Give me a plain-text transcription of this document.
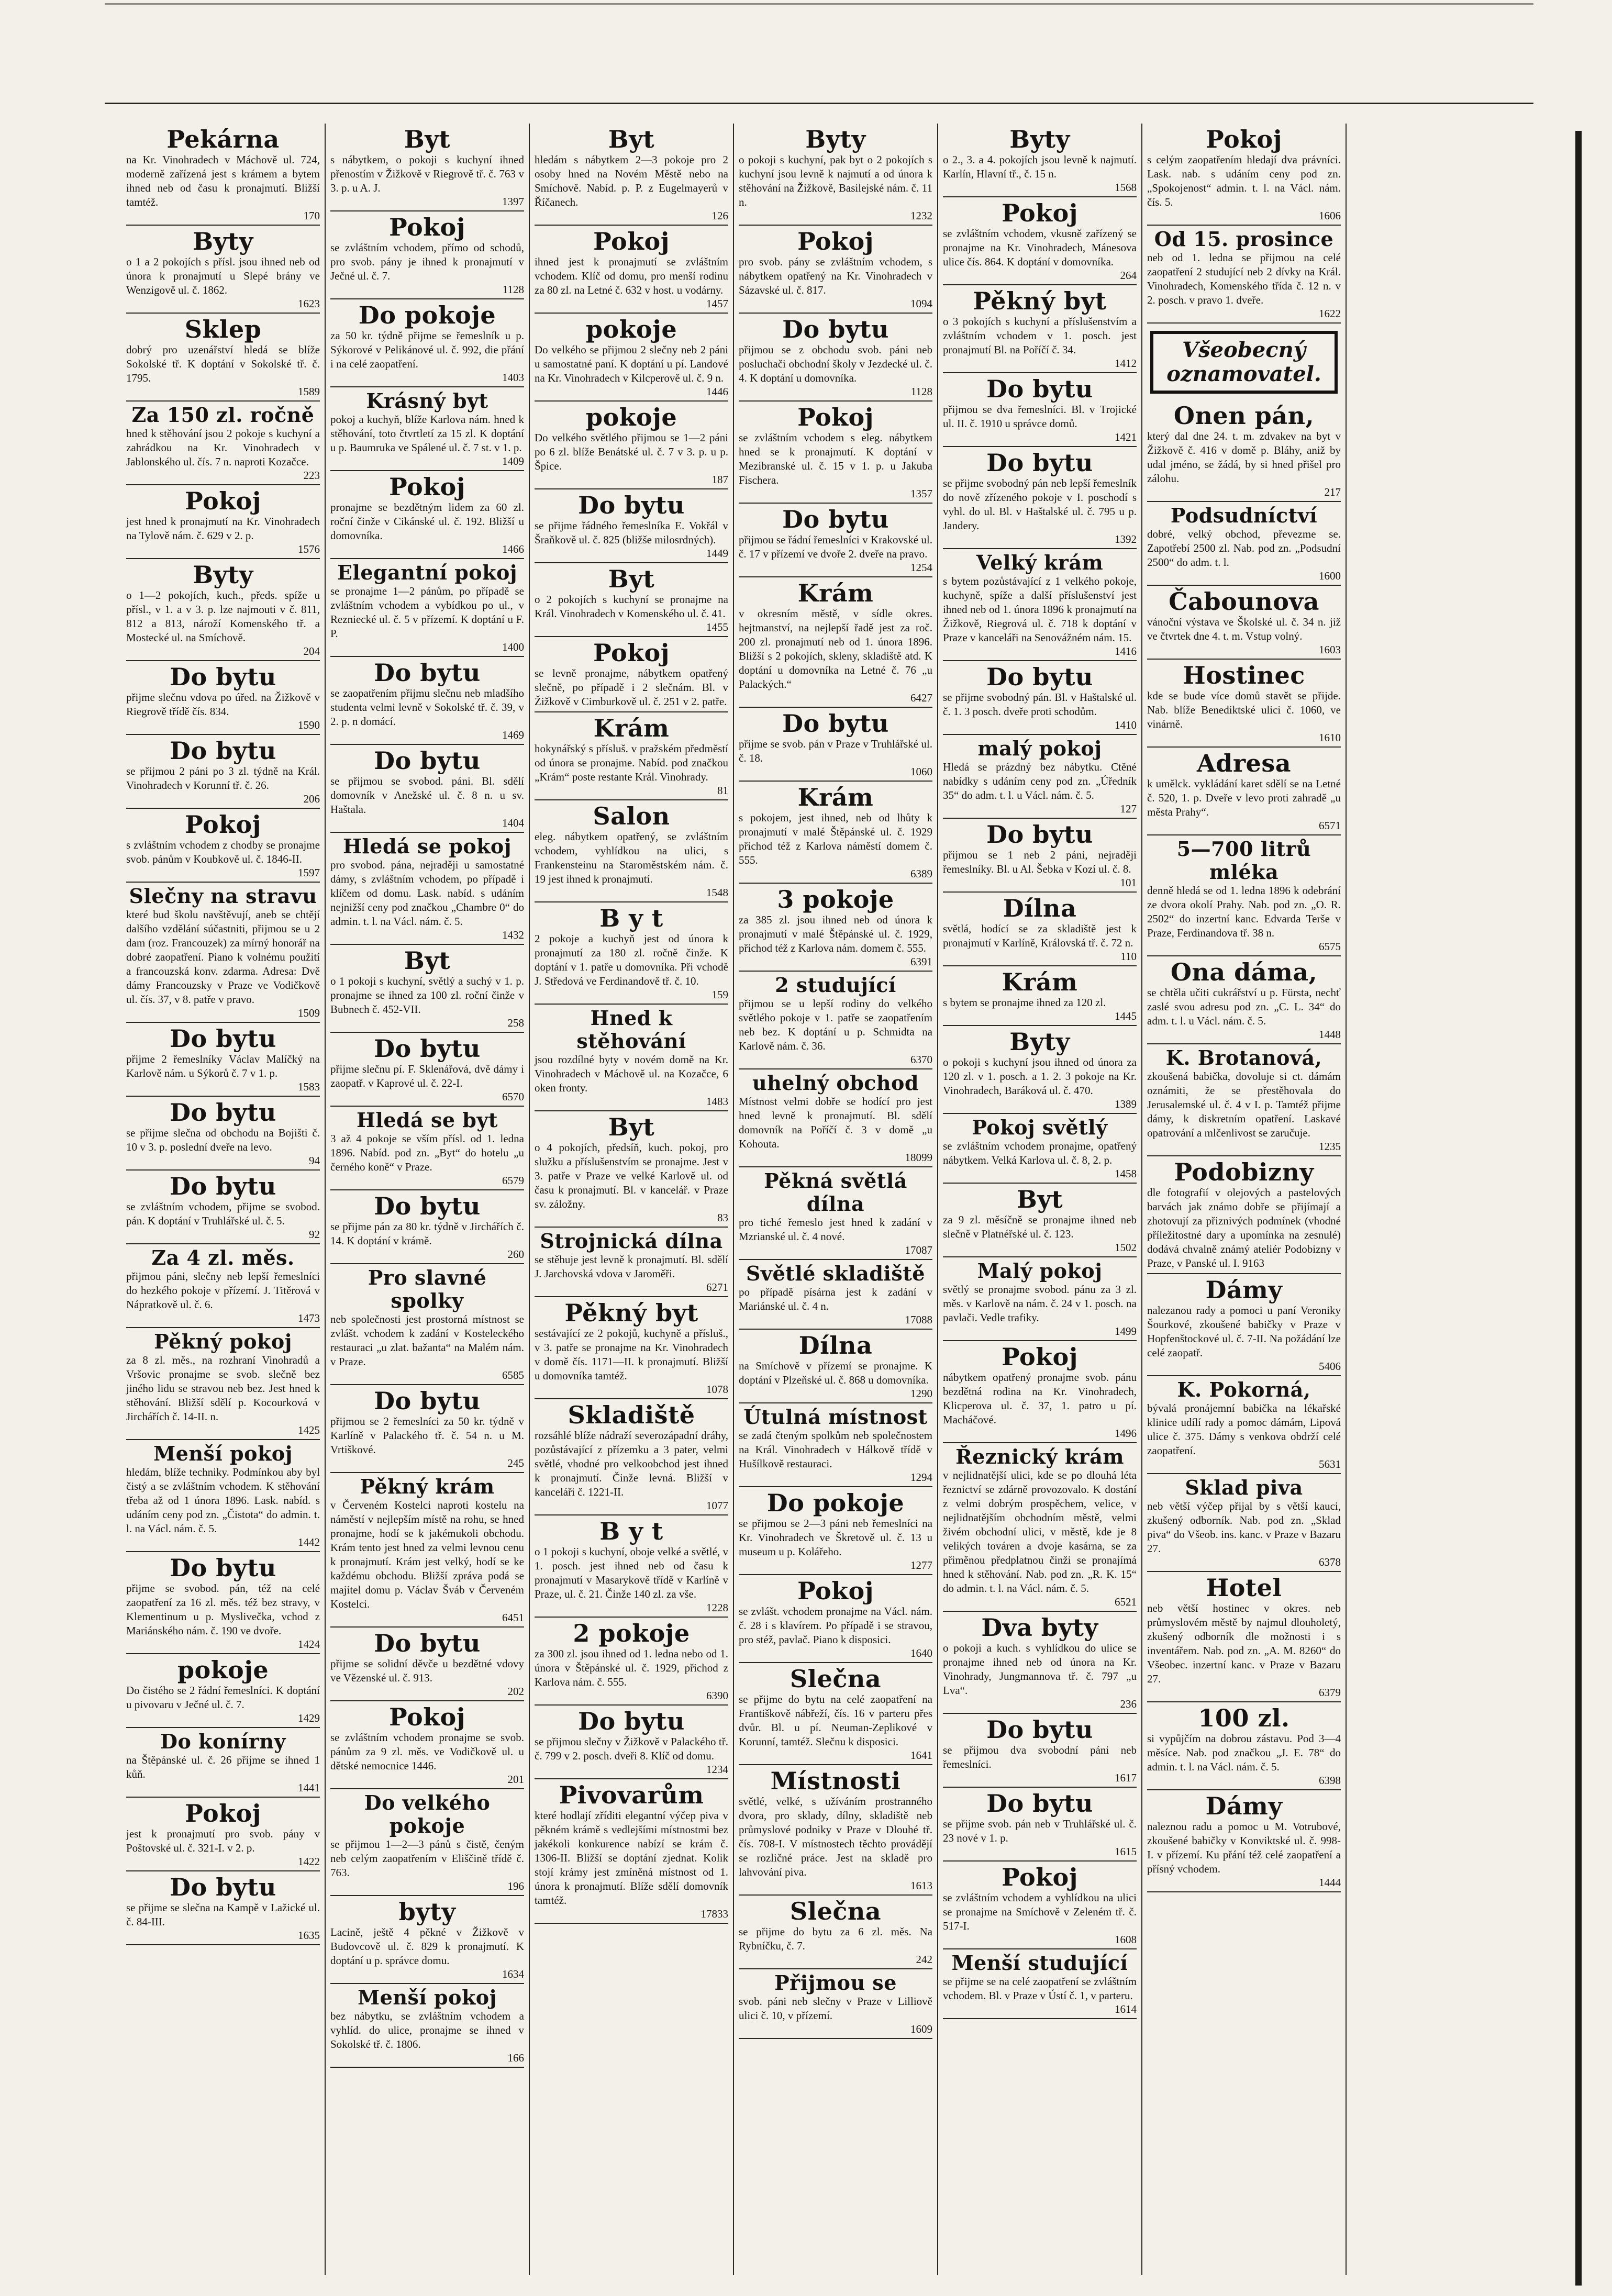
Pekárna
na Kr. Vinohradech v Máchově ul. 724, moderně zařízená jest s krámem a bytem ihned neb od času k pronajmutí. Bližší tamtéž.
170
Byty
o 1 a 2 pokojích s přísl. jsou ihned neb od února k pronajmutí u Slepé brány ve Wenzigově ul. č. 1862.
1623
Sklep
dobrý pro uzenářství hledá se blíže Sokolské tř. K doptání v Sokolské tř. č. 1795.
1589
Za 150 zl. ročně
hned k stěhování jsou 2 pokoje s kuchyní a zahrádkou na Kr. Vinohradech v Jablonského ul. čís. 7 n. naproti Kozačce.
223
Pokoj
jest hned k pronajmutí na Kr. Vinohradech na Tylově nám. č. 629 v 2. p.
1576
Byty
o 1—2 pokojích, kuch., předs. spíže u přísl., v 1. a v 3. p. lze najmouti v č. 811, 812 a 813, nároží Komenského tř. a Mostecké ul. na Smíchově.
204
Do bytu
přijme slečnu vdova po úřed. na Žižkově v Riegrově třídě čís. 834.
1590
Do bytu
se přijmou 2 páni po 3 zl. týdně na Král. Vinohradech v Korunní tř. č. 26.
206
Pokoj
s zvláštním vchodem z chodby se pronajme svob. pánům v Koubkově ul. č. 1846-II.
1597
Slečny na stravu
které bud školu navštěvují, aneb se chtějí dalšího vzdělání súčastniti, přijmou se u 2 dam (roz. Francouzek) za mírný honorář na dobré zaopatření. Piano k volnému použití a francouzská konv. zdarma. Adresa: Dvě dámy Francouzsky v Praze ve Vodičkově ul. čís. 37, v 8. patře v pravo.
1509
Do bytu
přijme 2 řemeslníky Václav Malíčký na Karlově nám. u Sýkorů č. 7 v 1. p.
1583
Do bytu
se přijme slečna od obchodu na Bojišti č. 10 v 3. p. poslední dveře na levo.
94
Do bytu
se zvláštním vchodem, přijme se svobod. pán. K doptání v Truhlářské ul. č. 5.
92
Za 4 zl. měs.
přijmou páni, slečny neb lepší řemeslníci do hezkého pokoje v přízemí. J. Titěrová v Nápratkově ul. č. 6.
1473
Pěkný pokoj
za 8 zl. měs., na rozhraní Vinohradů a Vršovic pronajme se svob. slečně bez jiného lidu se stravou neb bez. Jest hned k stěhování. Bližší sdělí p. Kocourková v Jirchářích č. 14-II. n.
1425
Menší pokoj
hledám, blíže techniky. Podmínkou aby byl čistý a se zvláštním vchodem. K stěhování třeba až od 1 února 1896. Lask. nabíd. s udáním ceny pod zn. „Čistota“ do admin. t. l. na Václ. nám. č. 5.
1442
Do bytu
přijme se svobod. pán, též na celé zaopatření za 16 zl. měs. též bez stravy, v Klementinum u p. Myslivečka, vchod z Mariánského nám. č. 190 ve dvoře.
1424
pokoje
Do čistého se 2 řádní řemeslníci. K doptání u pivovaru v Ječné ul. č. 7.
1429
Do konírny
na Štěpánské ul. č. 26 přijme se ihned 1 kůň.
1441
Pokoj
jest k pronajmutí pro svob. pány v Poštovské ul. č. 321-I. v 2. p.
1422
Do bytu
se přijme se slečna na Kampě v Lažické ul. č. 84-III.
1635
Byt
s nábytkem, o pokoji s kuchyní ihned přenostím v Žižkově v Riegrově tř. č. 763 v 3. p. u A. J.
1397
Pokoj
se zvláštním vchodem, přímo od schodů, pro svob. pány je ihned k pronajmutí v Ječné ul. č. 7.
1128
Do pokoje
za 50 kr. týdně přijme se řemeslník u p. Sýkorové v Pelikánové ul. č. 992, die přání i na celé zaopatření.
1403
Krásný byt
pokoj a kuchyň, blíže Karlova nám. hned k stěhování, toto čtvrtletí za 15 zl. K doptání u p. Baumruka ve Spálené ul. č. 7 st. v 1. p.
1409
Pokoj
pronajme se bezdětným lidem za 60 zl. roční činže v Cikánské ul. č. 192. Bližší u domovníka.
1466
Elegantní pokoj
se pronajme 1—2 pánům, po případě se zvláštním vchodem a vybídkou po ul., v Rezniecké ul. č. 5 v přízemí. K doptání u F. P.
1400
Do bytu
se zaopatřením přijmu slečnu neb mladšího studenta velmi levně v Sokolské tř. č. 39, v 2. p. n domácí.
1469
Do bytu
se přijmou se svobod. páni. Bl. sdělí domovník v Anežské ul. č. 8 n. u sv. Haštala.
1404
Hledá se pokoj
pro svobod. pána, nejraději u samostatné dámy, s zvláštním vchodem, po případě i klíčem od domu. Lask. nabíd. s udáním nejnižší ceny pod značkou „Chambre 0“ do admin. t. l. na Václ. nám. č. 5.
1432
Byt
o 1 pokoji s kuchyní, světlý a suchý v 1. p. pronajme se ihned za 100 zl. roční činže v Bubnech č. 452-VII.
258
Do bytu
přijme slečnu pí. F. Sklenářová, dvě dámy i zaopatř. v Kaprové ul. č. 22-I.
6570
Hledá se byt
3 až 4 pokoje se vším přísl. od 1. ledna 1896. Nabíd. pod zn. „Byt“ do hotelu „u černého koně“ v Praze.
6579
Do bytu
se přijme pán za 80 kr. týdně v Jirchářích č. 14. K doptání v krámě.
260
Pro slavné spolky
neb společnosti jest prostorná místnost se zvlášt. vchodem k zadání v Kosteleckého restauraci „u zlat. bažanta“ na Malém nám. v Praze.
6585
Do bytu
přijmou se 2 řemeslníci za 50 kr. týdně v Karlíně v Palackého tř. č. 54 n. u M. Vrtiškové.
245
Pěkný krám
v Červeném Kostelci naproti kostelu na náměstí v nejlepším místě na rohu, se hned pronajme, hodí se k jakémukoli obchodu. Krám tento jest hned za velmi levnou cenu k pronajmutí. Krám jest velký, hodí se ke každému obchodu. Bližší zpráva podá se majitel domu p. Václav Šváb v Červeném Kostelci.
6451
Do bytu
přijme se solidní děvče u bezdětné vdovy ve Vězenské ul. č. 913.
202
Pokoj
se zvláštním vchodem pronajme se svob. pánům za 9 zl. měs. ve Vodičkově ul. u dětské nemocnice 1446.
201
Do velkého pokoje
se přijmou 1—2—3 pánů s čistě, čeným neb celým zaopatřením v Eliščině třídě č. 763.
196
byty
Lacině, ještě 4 pěkné v Žižkově v Budovcově ul. č. 829 k pronajmutí. K doptání u p. správce domu.
1634
Menší pokoj
bez nábytku, se zvláštním vchodem a vyhlíd. do ulice, pronajme se ihned v Sokolské tř. č. 1806.
166
Byt
hledám s nábytkem 2—3 pokoje pro 2 osoby hned na Novém Městě nebo na Smíchově. Nabíd. p. P. z Eugelmayerů v Říčanech.
126
Pokoj
ihned jest k pronajmutí se zvláštním vchodem. Klíč od domu, pro menší rodinu za 80 zl. na Letné č. 632 v host. u vodárny.
1457
pokoje
Do velkého se přijmou 2 slečny neb 2 páni u samostatné paní. K doptání u pí. Landové na Kr. Vinohradech v Kilcperově ul. č. 9 n.
1446
pokoje
Do velkého světlého přijmou se 1—2 páni po 6 zl. blíže Benátské ul. č. 7 v 3. p. u p. Špice.
187
Do bytu
se přijme řádného řemeslníka E. Vokřál v Šraňkově ul. č. 825 (bližše milosrdných).
1449
Byt
o 2 pokojích s kuchyní se pronajme na Král. Vinohradech v Komenského ul. č. 41.
1455
Pokoj
se levně pronajme, nábytkem opatřený slečně, po případě i 2 slečnám. Bl. v Žižkově v Cimburkově ul. č. 251 v 2. patře.
Krám
hokynářský s přísluš. v pražském předměstí od února se pronajme. Nabíd. pod značkou „Krám“ poste restante Král. Vinohrady.
81
Salon
eleg. nábytkem opatřený, se zvláštním vchodem, vyhlídkou na ulici, s Frankensteinu na Staroměstském nám. č. 19 jest ihned k pronajmutí.
1548
B y t
2 pokoje a kuchyň jest od února k pronajmutí za 180 zl. ročně činže. K doptání v 1. patře u domovníka. Při vchodě J. Středová ve Ferdinandově tř. č. 10.
159
Hned k stěhování
jsou rozdílné byty v novém domě na Kr. Vinohradech v Máchově ul. na Kozačce, 6 oken fronty.
1483
Byt
o 4 pokojích, předsíň, kuch. pokoj, pro služku a příslušenstvím se pronajme. Jest v 3. patře v Praze ve velké Karlově ul. od času k pronajmutí. Bl. v kancelář. v Praze sv. záložny.
83
Strojnická dílna
se stěhuje jest levně k pronajmutí. Bl. sdělí J. Jarchovská vdova v Jaroměři.
6271
Pěkný byt
sestávající ze 2 pokojů, kuchyně a přísluš., v 3. patře se pronajme na Kr. Vinohradech v domě čís. 1171—II. k pronajmutí. Bližší u domovníka tamtéž.
1078
Skladiště
rozsáhlé blíže nádraží severozápadní dráhy, pozůstávající z přízemku a 3 pater, velmi světlé, vhodné pro velkoobchod jest ihned k pronajmutí. Činže levná. Bližší v kanceláři č. 1221-II.
1077
B y t
o 1 pokoji s kuchyní, oboje velké a světlé, v 1. posch. jest ihned neb od času k pronajmutí v Masarykově třídě v Karlíně v Praze, ul. č. 21. Činže 140 zl. za vše.
1228
2 pokoje
za 300 zl. jsou ihned od 1. ledna nebo od 1. února v Štěpánské ul. č. 1929, přichod z Karlova nám. č. 555.
6390
Do bytu
se přijmou slečny v Žižkově v Palackého tř. č. 799 v 2. posch. dveři 8. Klíč od domu.
1234
Pivovarům
které hodlají zříditi elegantní výčep piva v pěkném krámě s vedlejšími místnostmi bez jakékoli konkurence nabízí se krám č. 1306-II. Bližší se doptání zjednat. Kolik stojí krámy jest zmíněná místnost od 1. února k pronajmutí. Blíže sdělí domovník tamtéž.
17833
Byty
o pokoji s kuchyní, pak byt o 2 pokojích s kuchyní jsou levně k najmutí a od února k stěhování na Žižkově, Basilejské nám. č. 11 n.
1232
Pokoj
pro svob. pány se zvláštním vchodem, s nábytkem opatřený na Kr. Vinohradech v Sázavské ul. č. 817.
1094
Do bytu
přijmou se z obchodu svob. páni neb posluchači obchodní školy v Jezdecké ul. č. 4. K doptání u domovníka.
1128
Pokoj
se zvláštním vchodem s eleg. nábytkem hned se k pronajmutí. K doptání v Mezibranské ul. č. 15 v 1. p. u Jakuba Fischera.
1357
Do bytu
přijmou se řádní řemeslníci v Krakovské ul. č. 17 v přízemí ve dvoře 2. dveře na pravo.
1254
Krám
v okresním městě, v sídle okres. hejtmanství, na nejlepší řadě jest za roč. 200 zl. pronajmutí neb od 1. února 1896. Bližší s 2 pokojích, skleny, skladiště atd. K doptání u domovníka na Letné č. 76 „u Palackých.“
6427
Do bytu
přijme se svob. pán v Praze v Truhlářské ul. č. 18.
1060
Krám
s pokojem, jest ihned, neb od lhůty k pronajmutí v malé Štěpánské ul. č. 1929 přichod též z Karlova náměstí domem č. 555.
6389
3 pokoje
za 385 zl. jsou ihned neb od února k pronajmutí v malé Štěpánské ul. č. 1929, přichod též z Karlova nám. domem č. 555.
6391
2 studující
přijmou se u lepší rodiny do velkého světlého pokoje v 1. patře se zaopatřením neb bez. K doptání u p. Schmidta na Karlově nám. č. 36.
6370
uhelný obchod
Místnost velmi dobře se hodící pro jest hned levně k pronajmutí. Bl. sdělí domovník na Poříčí č. 3 v domě „u Kohouta.
18099
Pěkná světlá dílna
pro tiché řemeslo jest hned k zadání v Mzrianské ul. č. 4 nové.
17087
Světlé skladiště
po případě písárna jest k zadání v Mariánské ul. č. 4 n.
17088
Dílna
na Smíchově v přízemí se pronajme. K doptání v Plzeňské ul. č. 868 u domovníka.
1290
Útulná místnost
se zadá čteným spolkům neb společnostem na Král. Vinohradech v Hálkově třídě v Hušílkově restauraci.
1294
Do pokoje
se přijmou se 2—3 páni neb řemeslníci na Kr. Vinohradech ve Škretově ul. č. 13 u museum u p. Kolářeho.
1277
Pokoj
se zvlášt. vchodem pronajme na Václ. nám. č. 28 i s klavírem. Po případě i se stravou, pro stéž, pavlač. Piano k disposici.
1640
Slečna
se přijme do bytu na celé zaopatření na Františkově nábřeží, čís. 16 v parteru přes dvůr. Bl. u pí. Neuman-Zeplikové v Korunní, tamtéž. Slečnu k disposici.
1641
Místnosti
světlé, velké, s užíváním prostranného dvora, pro sklady, dílny, skladiště neb průmyslové podniky v Praze v Dlouhé tř. čís. 708-I. V místnostech těchto provádějí se rozličné práce. Jest na skladě pro lahvování piva.
1613
Slečna
se přijme do bytu za 6 zl. měs. Na Rybníčku, č. 7.
242
Přijmou se
svob. páni neb slečny v Praze v Lilliově ulici č. 10, v přízemí.
1609
Byty
o 2., 3. a 4. pokojích jsou levně k najmutí. Karlín, Hlavní tř., č. 15 n.
1568
Pokoj
se zvláštním vchodem, vkusně zařízený se pronajme na Kr. Vinohradech, Mánesova ulice čís. 864. K doptání v domovníka.
264
Pěkný byt
o 3 pokojích s kuchyní a příslušenstvím a zvláštním vchodem v 1. posch. jest pronajmutí Bl. na Poříčí č. 34.
1412
Do bytu
přijmou se dva řemeslníci. Bl. v Trojické ul. II. č. 1910 u správce domů.
1421
Do bytu
se přijme svobodný pán neb lepší řemeslník do nově zřízeného pokoje v I. poschodí s vyhl. do ul. Bl. v Haštalské ul. č. 795 u p. Jandery.
1392
Velký krám
s bytem pozůstávající z 1 velkého pokoje, kuchyně, spíže a další příslušenství jest ihned neb od 1. února 1896 k pronajmutí na Žižkově, Riegrová ul. č. 718 k doptání v Praze v kanceláři na Senovážném nám. 15.
1416
Do bytu
se přijme svobodný pán. Bl. v Haštalské ul. č. 1. 3 posch. dveře proti schodům.
1410
malý pokoj
Hledá se prázdný bez nábytku. Ctěné nabídky s udáním ceny pod zn. „Úředník 35“ do adm. t. l. u Václ. nám. č. 5.
127
Do bytu
přijmou se 1 neb 2 páni, nejraději řemeslníky. Bl. u Al. Šebka v Kozí ul. č. 8.
101
Dílna
světlá, hodící se za skladiště jest k pronajmutí v Karlíně, Královská tř. č. 72 n.
110
Krám
s bytem se pronajme ihned za 120 zl.
1445
Byty
o pokoji s kuchyní jsou ihned od února za 120 zl. v 1. posch. a 1. 2. 3 pokoje na Kr. Vinohradech, Baráková ul. č. 470.
1389
Pokoj světlý
se zvláštním vchodem pronajme, opatřený nábytkem. Velká Karlova ul. č. 8, 2. p.
1458
Byt
za 9 zl. měsíčně se pronajme ihned neb slečně v Platnéřské ul. č. 123.
1502
Malý pokoj
světlý se pronajme svobod. pánu za 3 zl. měs. v Karlově na nám. č. 24 v 1. posch. na pavlači. Vedle trafiky.
1499
Pokoj
nábytkem opatřený pronajme svob. pánu bezdětná rodina na Kr. Vinohradech, Klicperova ul. č. 37, 1. patro u pí. Macháčové.
1496
Řeznický krám
v nejlidnatější ulici, kde se po dlouhá léta řeznictví se zdárně provozovalo. K dostání z velmi dobrým prospěchem, velice, v nejlidnatějším obchodním městě, velmi živém obchodní ulici, v městě, kde je 8 velikých továren a dvoje kasárna, se za přiměnou předplatnou činži se pronajímá hned k stěhování. Nab. pod zn. „R. K. 15“ do admin. t. l. na Václ. nám. č. 5.
6521
Dva byty
o pokoji a kuch. s vyhlídkou do ulice se pronajme ihned neb od února na Kr. Vinohrady, Jungmannova tř. č. 797 „u Lva“.
236
Do bytu
se přijmou dva svobodní páni neb řemeslníci.
1617
Do bytu
se přijme svob. pán neb v Truhlářské ul. č. 23 nové v 1. p.
1615
Pokoj
se zvláštním vchodem a vyhlídkou na ulici se pronajme na Smíchově v Zeleném tř. č. 517-I.
1608
Menší studující
se přijme se na celé zaopatření se zvláštním vchodem. Bl. v Praze v Ústí č. 1, v parteru.
1614
Pokoj
s celým zaopatřením hledají dva právníci. Lask. nab. s udáním ceny pod zn. „Spokojenost“ admin. t. l. na Václ. nám. čís. 5.
1606
Od 15. prosince
neb od 1. ledna se přijmou na celé zaopatření 2 studující neb 2 dívky na Král. Vinohradech, Komenského třída č. 12 n. v 2. posch. v pravo 1. dveře.
1622
Všeobecný
oznamovatel.
Onen pán,
který dal dne 24. t. m. zdvakev na byt v Žižkově č. 416 v domě p. Bláhy, aniž by udal jméno, se žádá, by si hned přišel pro zálohu.
217
Podsudníctví
dobré, velký obchod, převezme se. Zapotřebí 2500 zl. Nab. pod zn. „Podsudní 2500“ do adm. t. l.
1600
Čabounova
vánoční výstava ve Školské ul. č. 34 n. již ve čtvrtek dne 4. t. m. Vstup volný.
1603
Hostinec
kde se bude více domů stavět se přijde. Nab. blíže Benediktské ulici č. 1060, ve vinárně.
1610
Adresa
k umělck. vykládání karet sdělí se na Letné č. 520, 1. p. Dveře v levo proti zahradě „u města Prahy“.
6571
5—700 litrů mléka
denně hledá se od 1. ledna 1896 k odebrání ze dvora okolí Prahy. Nab. pod zn. „O. R. 2502“ do inzertní kanc. Edvarda Terše v Praze, Ferdinandova tř. 38 n.
6575
Ona dáma,
se chtěla učiti cukrářství u p. Fürsta, nechť zaslé svou adresu pod zn. „C. L. 34“ do adm. t. l. u Václ. nám. č. 5.
1448
K. Brotanová,
zkoušená babička, dovoluje si ct. dámám oznámiti, že se přestěhovala do Jerusalemské ul. č. 4 v I. p. Tamtéž přijme dámy, k diskretním opatření. Laskavé opatrování a mlčenlivost se zaručuje.
1235
Podobizny
dle fotografií v olejových a pastelových barvách jak známo dobře se přijímají a zhotovují za přiznivých podmínek (vhodné příležitostné dary a upomínka na zesnulé) dodává chvalně známý ateliér Podobizny v Praze, v Panské ul. I. 9163
Dámy
nalezanou rady a pomoci u paní Veroniky Šourkové, zkoušené babičky v Praze v Hopfenštockové ul. č. 7-II. Na požádání lze celé zaopatř.
5406
K. Pokorná,
bývalá pronájemní babička na lékařské klinice udílí rady a pomoc dámám, Lipová ulice č. 375. Dámy s venkova obdrží celé zaopatření.
5631
Sklad piva
neb větší výčep přijal by s větší kauci, zkušený odborník. Nab. pod zn. „Sklad piva“ do Všeob. ins. kanc. v Praze v Bazaru 27.
6378
Hotel
neb větší hostinec v okres. neb průmyslovém městě by najmul dlouholetý, zkušený odborník dle možnosti i s inventářem. Nab. pod zn. „A. M. 8260“ do Všeobec. inzertní kanc. v Praze v Bazaru 27.
6379
100 zl.
si vypůjčím na dobrou zástavu. Pod 3—4 měsíce. Nab. pod značkou „J. E. 78“ do admin. t. l. na Václ. nám. č. 5.
6398
Dámy
naleznou radu a pomoc u M. Votrubové, zkoušené babičky v Konviktské ul. č. 998-I. v přízemí. Ku přání též celé zaopatření a přísný vchodem.
1444
